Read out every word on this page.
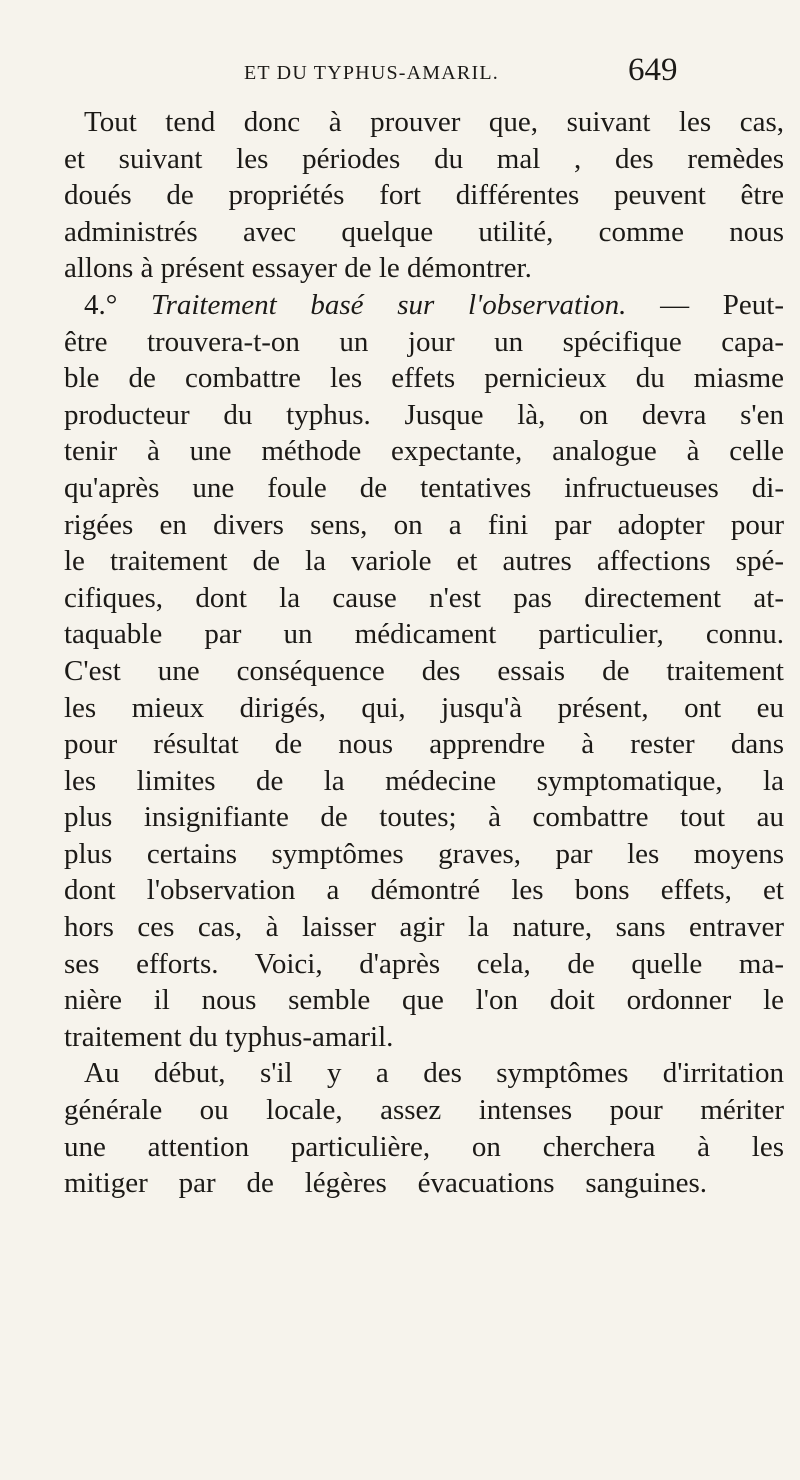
ET DU TYPHUS-AMARIL.	649
Tout tend donc à prouver que, suivant les cas,
et suivant les périodes du mal , des remèdes
doués de propriétés fort différentes peuvent être
administrés avec quelque utilité, comme nous
allons à présent essayer de le démontrer.
4.° Traitement basé sur l'observation. — Peut-
être trouvera-t-on un jour un spécifique capa-
ble de combattre les effets pernicieux du miasme
producteur du typhus. Jusque là, on devra s'en
tenir à une méthode expectante, analogue à celle
qu'après une foule de tentatives infructueuses di-
rigées en divers sens, on a fini par adopter pour
le traitement de la variole et autres affections spé-
cifiques, dont la cause n'est pas directement at-
taquable par un médicament particulier, connu.
C'est une conséquence des essais de traitement
les mieux dirigés, qui, jusqu'à présent, ont eu
pour résultat de nous apprendre à rester dans
les limites de la médecine symptomatique, la
plus insignifiante de toutes; à combattre tout au
plus certains symptômes graves, par les moyens
dont l'observation a démontré les bons effets, et
hors ces cas, à laisser agir la nature, sans entraver
ses efforts. Voici, d'après cela, de quelle ma-
nière il nous semble que l'on doit ordonner le
traitement du typhus-amaril.
Au début, s'il y a des symptômes d'irritation
générale ou locale, assez intenses pour mériter
une attention particulière, on cherchera à les
mitiger par de légères évacuations sanguines.
